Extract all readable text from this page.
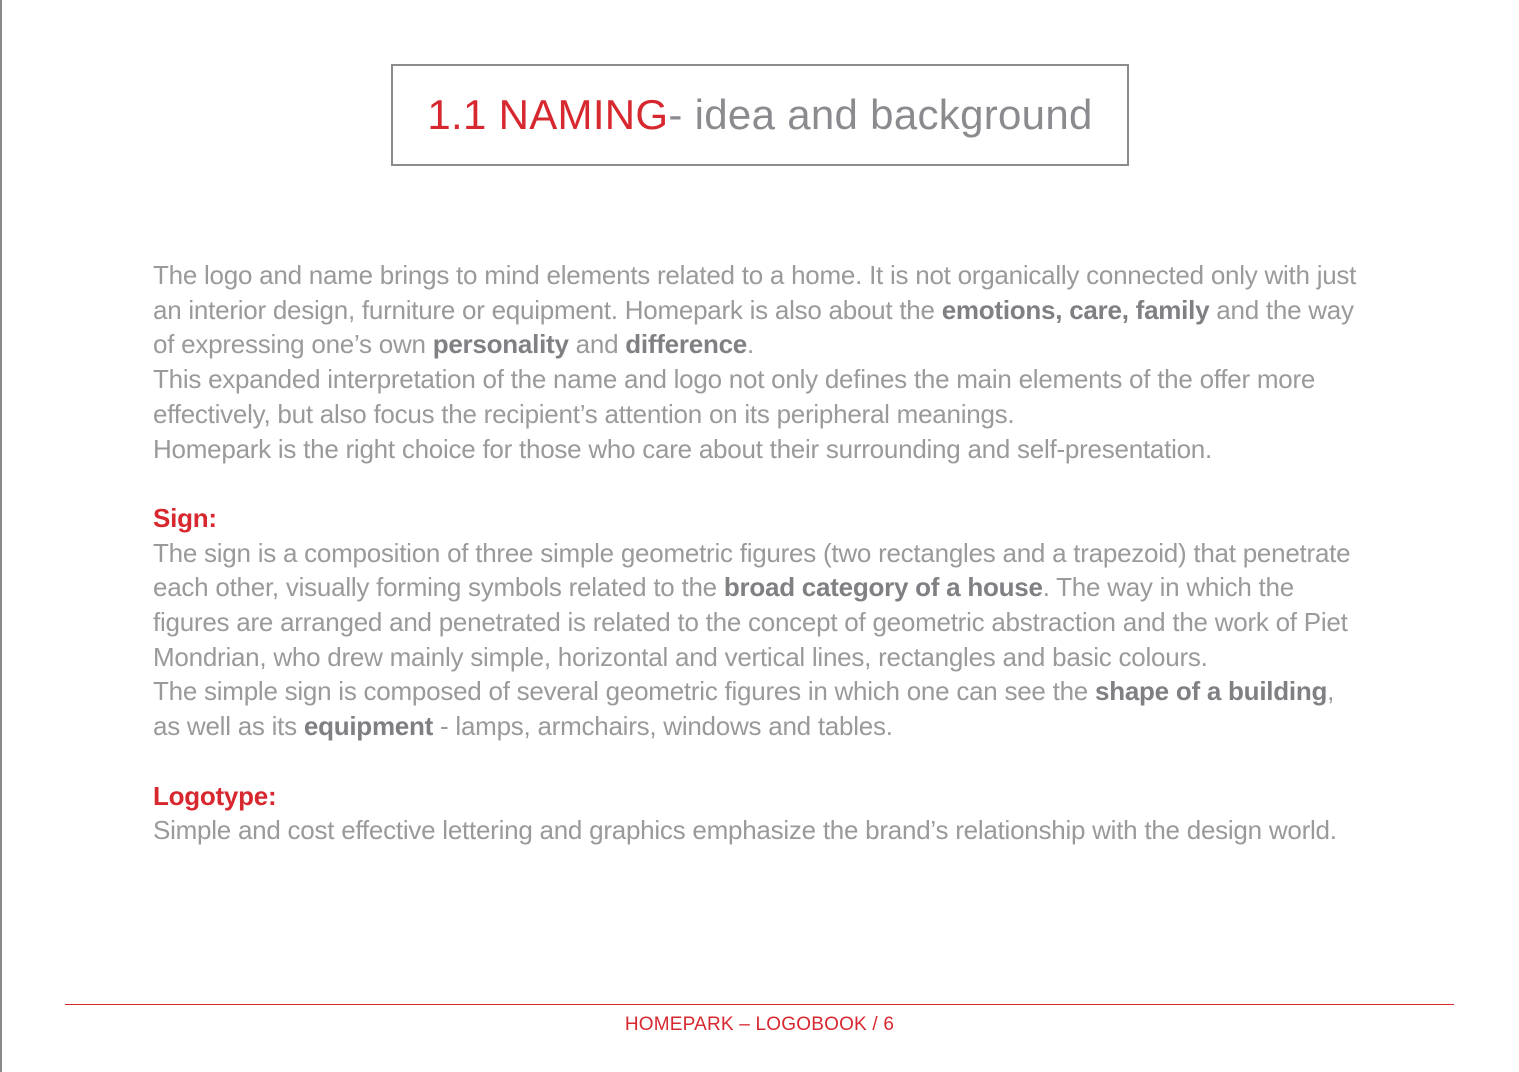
1.1 NAMING - idea and background

The logo and name brings to mind elements related to a home. It is not organically connected only with just an interior design, furniture or equipment. Homepark is also about the emotions, care, family and the way of expressing one’s own personality and difference.

This expanded interpretation of the name and logo not only defines the main elements of the offer more effectively, but also focus the recipient’s attention on its peripheral meanings.

Homepark is the right choice for those who care about their surrounding and self-presentation.

Sign:

The sign is a composition of three simple geometric figures (two rectangles and a trapezoid) that penetrate each other, visually forming symbols related to the broad category of a house. The way in which the figures are arranged and penetrated is related to the concept of geometric abstraction and the work of Piet Mondrian, who drew mainly simple, horizontal and vertical lines, rectangles and basic colours.

The simple sign is composed of several geometric figures in which one can see the shape of a building, as well as its equipment - lamps, armchairs, windows and tables.

Logotype:

Simple and cost effective lettering and graphics emphasize the brand’s relationship with the design world.

HOMEPARK – LOGOBOOK / 6
